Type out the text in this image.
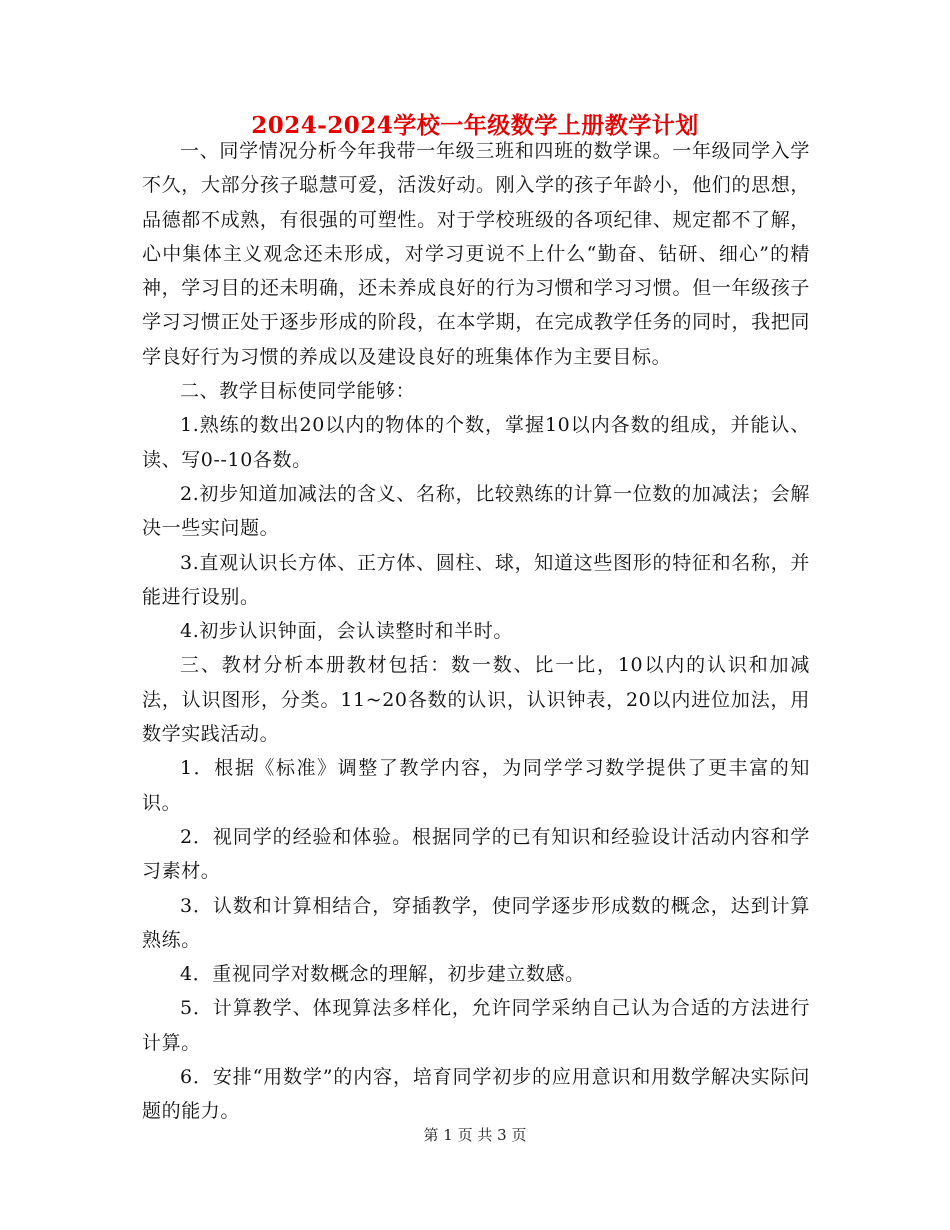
2024-2024学校一年级数学上册教学计划

一、同学情况分析今年我带一年级三班和四班的数学课。一年级同学入学不久，大部分孩子聪慧可爱，活泼好动。刚入学的孩子年龄小，他们的思想，品德都不成熟，有很强的可塑性。对于学校班级的各项纪律、规定都不了解，心中集体主义观念还未形成，对学习更说不上什么“勤奋、钻研、细心”的精神，学习目的还未明确，还未养成良好的行为习惯和学习习惯。但一年级孩子学习习惯正处于逐步形成的阶段，在本学期，在完成教学任务的同时，我把同学良好行为习惯的养成以及建设良好的班集体作为主要目标。

二、教学目标使同学能够：

1.熟练的数出20以内的物体的个数，掌握10以内各数的组成，并能认、读、写0--10各数。

2.初步知道加减法的含义、名称，比较熟练的计算一位数的加减法；会解决一些实问题。

3.直观认识长方体、正方体、圆柱、球，知道这些图形的特征和名称，并能进行设别。

4.初步认识钟面，会认读整时和半时。

三、教材分析本册教材包括：数一数、比一比，10以内的认识和加减法，认识图形，分类。11~20各数的认识，认识钟表，20以内进位加法，用数学实践活动。

1．根据《标准》调整了教学内容，为同学学习数学提供了更丰富的知识。

2．视同学的经验和体验。根据同学的已有知识和经验设计活动内容和学习素材。

3．认数和计算相结合，穿插教学，使同学逐步形成数的概念，达到计算熟练。

4．重视同学对数概念的理解，初步建立数感。

5．计算教学、体现算法多样化，允许同学采纳自己认为合适的方法进行计算。

6．安排“用数学”的内容，培育同学初步的应用意识和用数学解决实际问题的能力。

第 1 页 共 3 页
